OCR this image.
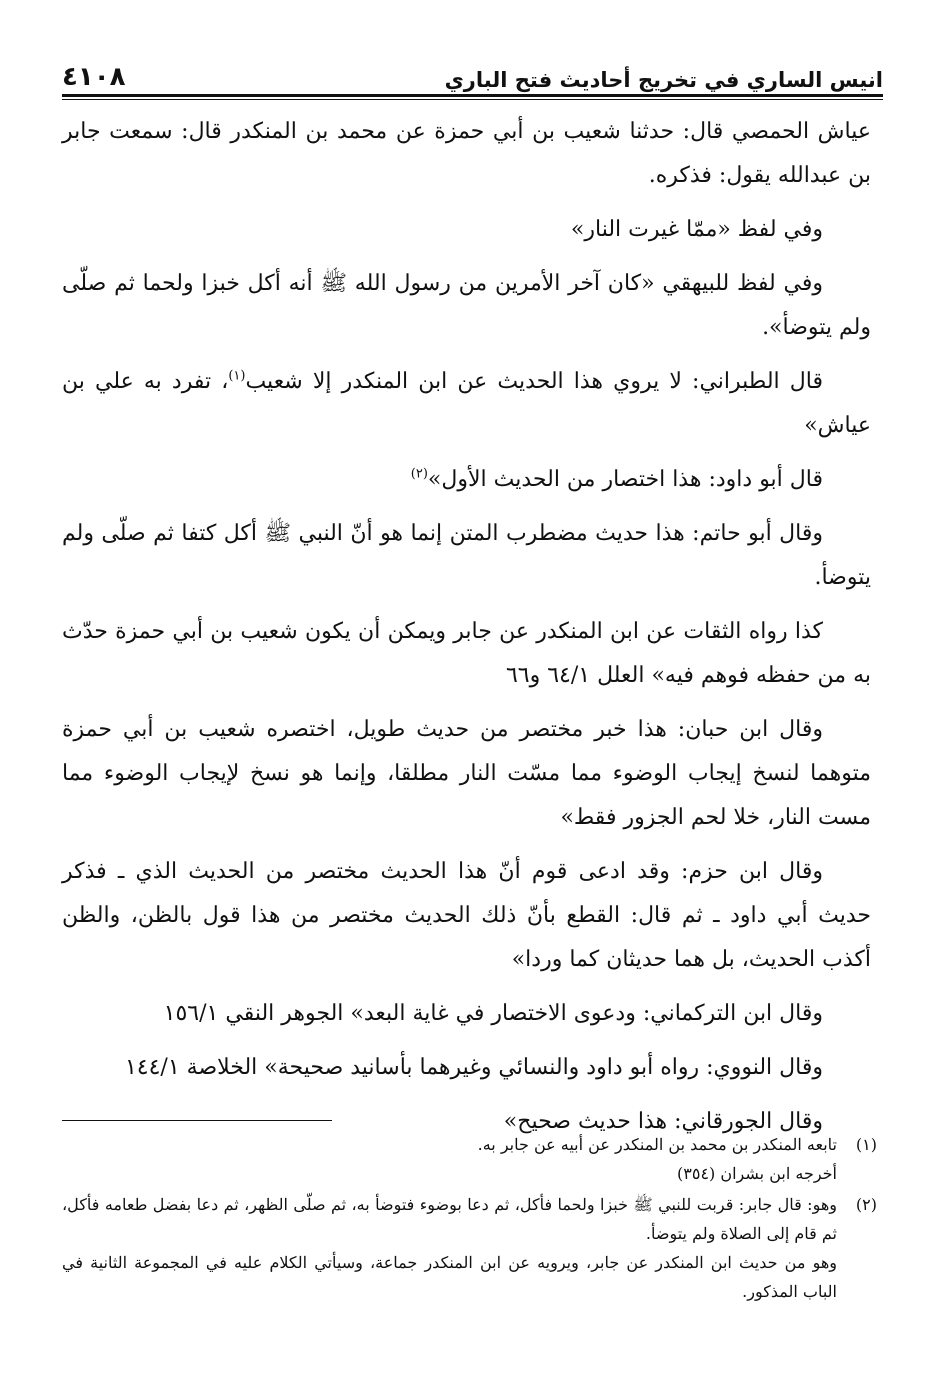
انيس الساري في تخريج أحاديث فتح الباري
٤١٠٨

عياش الحمصي قال: حدثنا شعيب بن أبي حمزة عن محمد بن المنكدر قال: سمعت جابر بن عبدالله يقول: فذكره.

وفي لفظ «ممّا غيرت النار»

وفي لفظ للبيهقي «كان آخر الأمرين من رسول الله ﷺ أنه أكل خبزا ولحما ثم صلّى ولم يتوضأ».

قال الطبراني: لا يروي هذا الحديث عن ابن المنكدر إلا شعيب$^{(١)}$، تفرد به علي بن عياش»

قال أبو داود: هذا اختصار من الحديث الأول»$^{(٢)}$

وقال أبو حاتم: هذا حديث مضطرب المتن إنما هو أنّ النبي ﷺ أكل كتفا ثم صلّى ولم يتوضأ.

كذا رواه الثقات عن ابن المنكدر عن جابر ويمكن أن يكون شعيب بن أبي حمزة حدّث به من حفظه فوهم فيه» العلل ٦٤/١ و٦٦

وقال ابن حبان: هذا خبر مختصر من حديث طويل، اختصره شعيب بن أبي حمزة متوهما لنسخ إيجاب الوضوء مما مسّت النار مطلقا، وإنما هو نسخ لإيجاب الوضوء مما مست النار، خلا لحم الجزور فقط»

وقال ابن حزم: وقد ادعى قوم أنّ هذا الحديث مختصر من الحديث الذي ـ فذكر حديث أبي داود ـ ثم قال: القطع بأنّ ذلك الحديث مختصر من هذا قول بالظن، والظن أكذب الحديث، بل هما حديثان كما وردا»

وقال ابن التركماني: ودعوى الاختصار في غاية البعد» الجوهر النقي ١٥٦/١

وقال النووي: رواه أبو داود والنسائي وغيرهما بأسانيد صحيحة» الخلاصة ١٤٤/١

وقال الجورقاني: هذا حديث صحيح»

(١)
تابعه المنكدر بن محمد بن المنكدر عن أبيه عن جابر به.
أخرجه ابن بشران (٣٥٤)
(٢)
وهو: قال جابر: قربت للنبي ﷺ خبزا ولحما فأكل، ثم دعا بوضوء فتوضأ به، ثم صلّى الظهر، ثم دعا بفضل طعامه فأكل، ثم قام إلى الصلاة ولم يتوضأ.
وهو من حديث ابن المنكدر عن جابر، ويرويه عن ابن المنكدر جماعة، وسيأتي الكلام عليه في المجموعة الثانية في الباب المذكور.
